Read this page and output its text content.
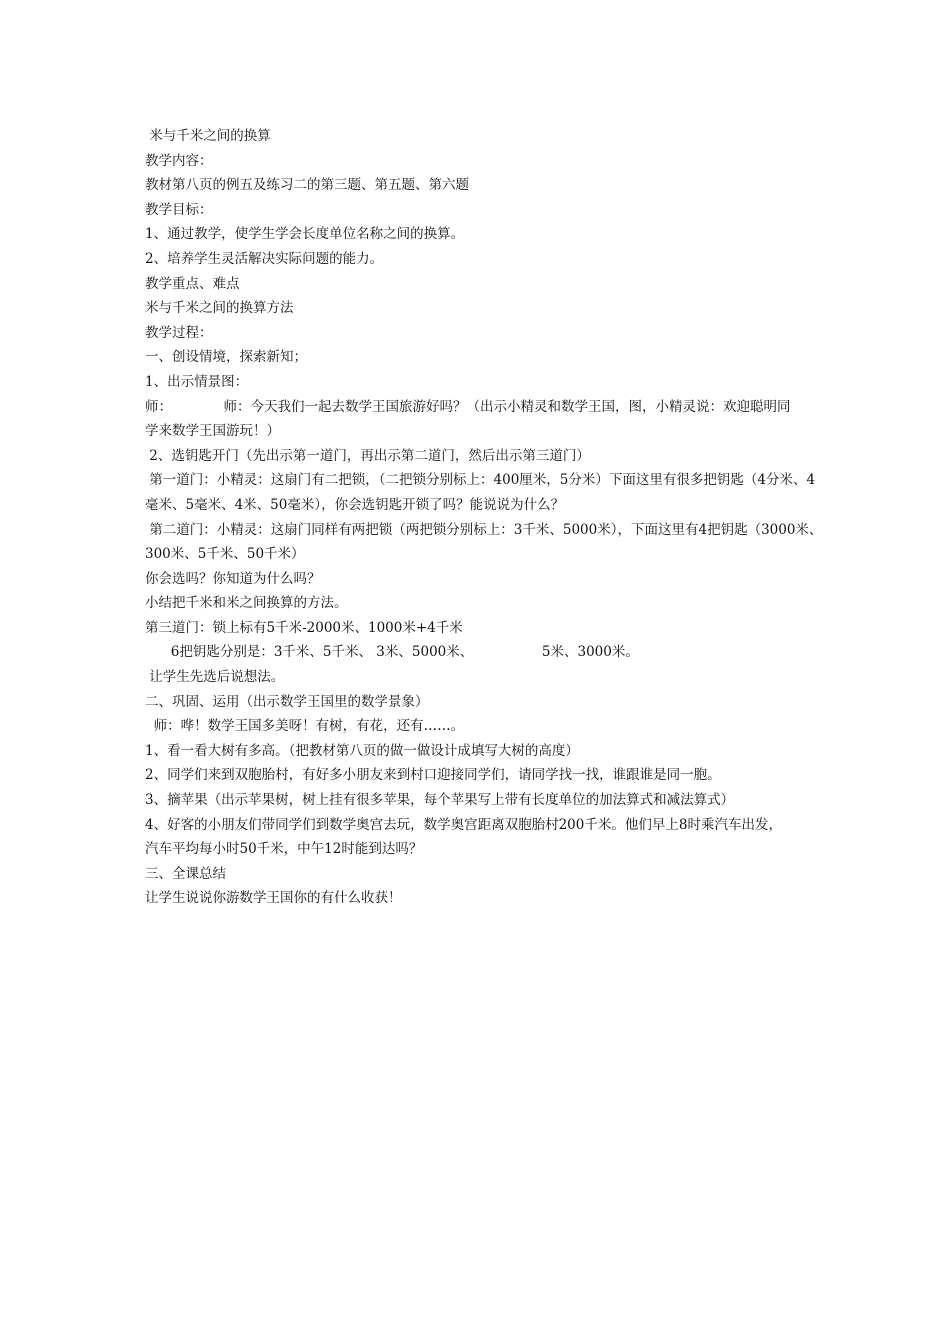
米与千米之间的换算

教学内容：

教材第八页的例五及练习二的第三题、第五题、第六题

教学目标：

1、通过教学，使学生学会长度单位名称之间的换算。

2、培养学生灵活解决实际问题的能力。

教学重点、难点

米与千米之间的换算方法

教学过程：

一、创设情境，探索新知；

1、出示情景图：

师：            师：今天我们一起去数学王国旅游好吗？（出示小精灵和数学王国，图，小精灵说：欢迎聪明同

学来数学王国游玩！）

2、选钥匙开门（先出示第一道门，再出示第二道门，然后出示第三道门）

第一道门：小精灵：这扇门有二把锁，（二把锁分别标上：400厘米，5分米）下面这里有很多把钥匙（4分米、4

毫米、5毫米、4米、50毫米），你会选钥匙开锁了吗？能说说为什么？

第二道门：小精灵：这扇门同样有两把锁（两把锁分别标上：3千米、5000米），下面这里有4把钥匙（3000米、

300米、5千米、50千米）

你会选吗？你知道为什么吗？

小结把千米和米之间换算的方法。

第三道门：锁上标有5千米-2000米、1000米+4千米

6把钥匙分别是：3千米、5千米、 3米、5000米、                5米、3000米。

让学生先选后说想法。

二、巩固、运用（出示数学王国里的数学景象）

师：哗！数学王国多美呀！有树，有花，还有……。

1、看一看大树有多高。（把教材第八页的做一做设计成填写大树的高度）

2、同学们来到双胞胎村，有好多小朋友来到村口迎接同学们，请同学找一找，谁跟谁是同一胞。

3、摘苹果（出示苹果树，树上挂有很多苹果，每个苹果写上带有长度单位的加法算式和减法算式）

4、好客的小朋友们带同学们到数学奥宫去玩，数学奥宫距离双胞胎村200千米。他们早上8时乘汽车出发，

汽车平均每小时50千米，中午12时能到达吗？

三、全课总结

让学生说说你游数学王国你的有什么收获！
